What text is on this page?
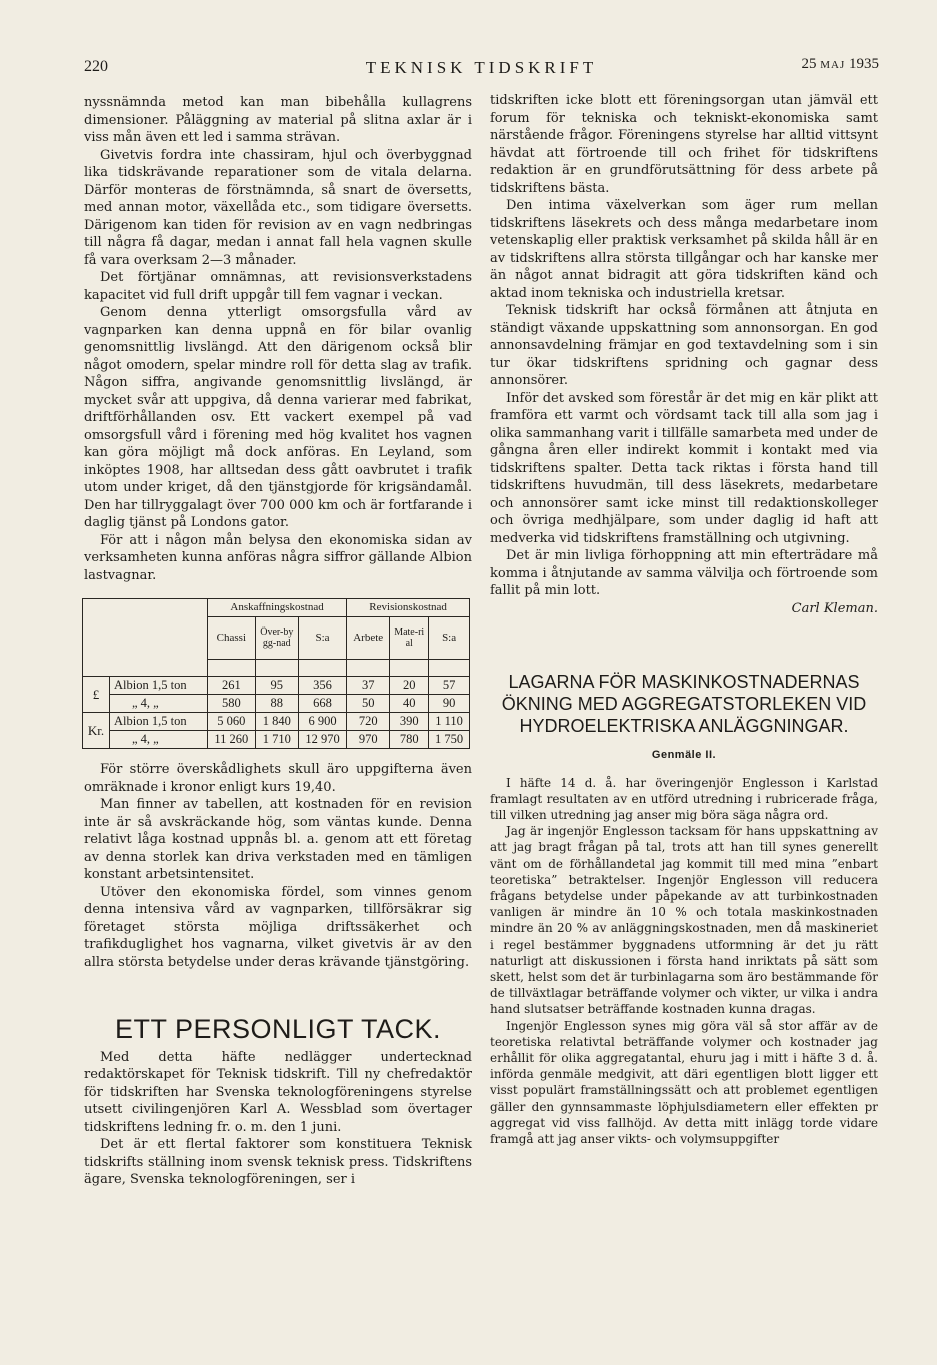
220	TEKNISK TIDSKRIFT	25 MAJ 1935

nyssnämnda metod kan man bibehålla kullagrens dimensioner. Påläggning av material på slitna axlar är i viss mån även ett led i samma strävan.

Givetvis fordra inte chassiram, hjul och överbyggnad lika tidskrävande reparationer som de vitala delarna. Därför monteras de förstnämnda, så snart de översetts, med annan motor, växellåda etc., som tidigare översetts. Därigenom kan tiden för revision av en vagn nedbringas till några få dagar, medan i annat fall hela vagnen skulle få vara overksam 2—3 månader.

Det förtjänar omnämnas, att revisionsverkstadens kapacitet vid full drift uppgår till fem vagnar i veckan.

Genom denna ytterligt omsorgsfulla vård av vagnparken kan denna uppnå en för bilar ovanlig genomsnittlig livslängd. Att den därigenom också blir något omodern, spelar mindre roll för detta slag av trafik. Någon siffra, angivande genomsnittlig livslängd, är mycket svår att uppgiva, då denna varierar med fabrikat, driftförhållanden osv. Ett vackert exempel på vad omsorgsfull vård i förening med hög kvalitet hos vagnen kan göra möjligt må dock anföras. En Leyland, som inköptes 1908, har alltsedan dess gått oavbrutet i trafik utom under kriget, då den tjänstgjorde för krigsändamål. Den har tillryggalagt över 700 000 km och är fortfarande i daglig tjänst på Londons gator.

För att i någon mån belysa den ekonomiska sidan av verksamheten kunna anföras några siffror gällande Albion lastvagnar.

		Anskaffningskostnad			Revisionskostnad		
		Chassi	Över-bygg-nad	S:a	Arbete	Mate-rial	S:a

£	Albion 1,5 ton	261	95	356	37	20	57
	„ 4, „	580	88	668	50	40	90
Kr.	Albion 1,5 ton	5 060	1 840	6 900	720	390	1 110
	„ 4, „	11 260	1 710	12 970	970	780	1 750

För större överskådlighets skull äro uppgifterna även omräknade i kronor enligt kurs 19,40.

Man finner av tabellen, att kostnaden för en revision inte är så avskräckande hög, som väntas kunde. Denna relativt låga kostnad uppnås bl. a. genom att ett företag av denna storlek kan driva verkstaden med en tämligen konstant arbetsintensitet.

Utöver den ekonomiska fördel, som vinnes genom denna intensiva vård av vagnparken, tillförsäkrar sig företaget största möjliga driftssäkerhet och trafikduglighet hos vagnarna, vilket givetvis är av den allra största betydelse under deras krävande tjänstgöring.

ETT PERSONLIGT TACK.

Med detta häfte nedlägger undertecknad redaktörskapet för Teknisk tidskrift. Till ny chefredaktör för tidskriften har Svenska teknologföreningens styrelse utsett civilingenjören Karl A. Wessblad som övertager tidskriftens ledning fr. o. m. den 1 juni.

Det är ett flertal faktorer som konstituera Teknisk tidskrifts ställning inom svensk teknisk press. Tidskriftens ägare, Svenska teknologföreningen, ser i

tidskriften icke blott ett föreningsorgan utan jämväl ett forum för tekniska och tekniskt-ekonomiska samt närstående frågor. Föreningens styrelse har alltid vittsynt hävdat att förtroende till och frihet för tidskriftens redaktion är en grundförutsättning för dess arbete på tidskriftens bästa.

Den intima växelverkan som äger rum mellan tidskriftens läsekrets och dess många medarbetare inom vetenskaplig eller praktisk verksamhet på skilda håll är en av tidskriftens allra största tillgångar och har kanske mer än något annat bidragit att göra tidskriften känd och aktad inom tekniska och industriella kretsar.

Teknisk tidskrift har också förmånen att åtnjuta en ständigt växande uppskattning som annonsorgan. En god annonsavdelning främjar en god textavdelning som i sin tur ökar tidskriftens spridning och gagnar dess annonsörer.

Inför det avsked som förestår är det mig en kär plikt att framföra ett varmt och vördsamt tack till alla som jag i olika sammanhang varit i tillfälle samarbeta med under de gångna åren eller indirekt kommit i kontakt med via tidskriftens spalter. Detta tack riktas i första hand till tidskriftens huvudmän, till dess läsekrets, medarbetare och annonsörer samt icke minst till redaktionskolleger och övriga medhjälpare, som under daglig id haft att medverka vid tidskriftens framställning och utgivning.

Det är min livliga förhoppning att min efterträdare må komma i åtnjutande av samma välvilja och förtroende som fallit på min lott.

Carl Kleman.

LAGARNA FÖR MASKINKOSTNADERNAS ÖKNING MED AGGREGATSTORLEKEN VID HYDROELEKTRISKA ANLÄGGNINGAR.
Genmäle II.

I häfte 14 d. å. har överingenjör Englesson i Karlstad framlagt resultaten av en utförd utredning i rubricerade fråga, till vilken utredning jag anser mig böra säga några ord.

Jag är ingenjör Englesson tacksam för hans uppskattning av att jag bragt frågan på tal, trots att han till synes generellt vänt om de förhållandetal jag kommit till med mina ”enbart teoretiska” betraktelser. Ingenjör Englesson vill reducera frågans betydelse under påpekande av att turbinkostnaden vanligen är mindre än 10 % och totala maskinkostnaden mindre än 20 % av anläggningskostnaden, men då maskineriet i regel bestämmer byggnadens utformning är det ju rätt naturligt att diskussionen i första hand inriktats på sätt som skett, helst som det är turbinlagarna som äro bestämmande för de tillväxtlagar beträffande volymer och vikter, ur vilka i andra hand slutsatser beträffande kostnaden kunna dragas.

Ingenjör Englesson synes mig göra väl så stor affär av de teoretiska relativtal beträffande volymer och kostnader jag erhållit för olika aggregatantal, ehuru jag i mitt i häfte 3 d. å. införda genmäle medgivit, att däri egentligen blott ligger ett visst populärt framställningssätt och att problemet egentligen gäller den gynnsammaste löphjulsdiametern eller effekten pr aggregat vid viss fallhöjd. Av detta mitt inlägg torde vidare framgå att jag anser vikts- och volymsuppgifter
